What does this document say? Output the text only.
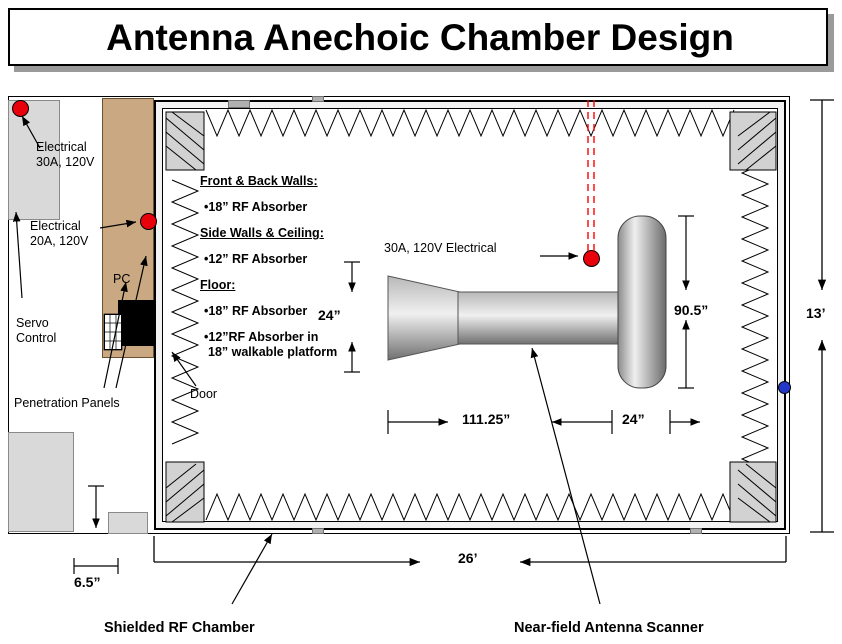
Antenna Anechoic Chamber Design
Electrical
30A, 120V
Electrical
20A, 120V
PC
Servo
Control
Penetration Panels
Door
30A, 120V Electrical
Front & Back Walls:
•18” RF Absorber
Side Walls & Ceiling:
•12” RF Absorber
Floor:
•18” RF Absorber
•12”RF Absorber in
18” walkable platform
24”	90.5”
111.25”	24”
26’
13’
6.5”
Shielded RF Chamber	Near-field Antenna Scanner
